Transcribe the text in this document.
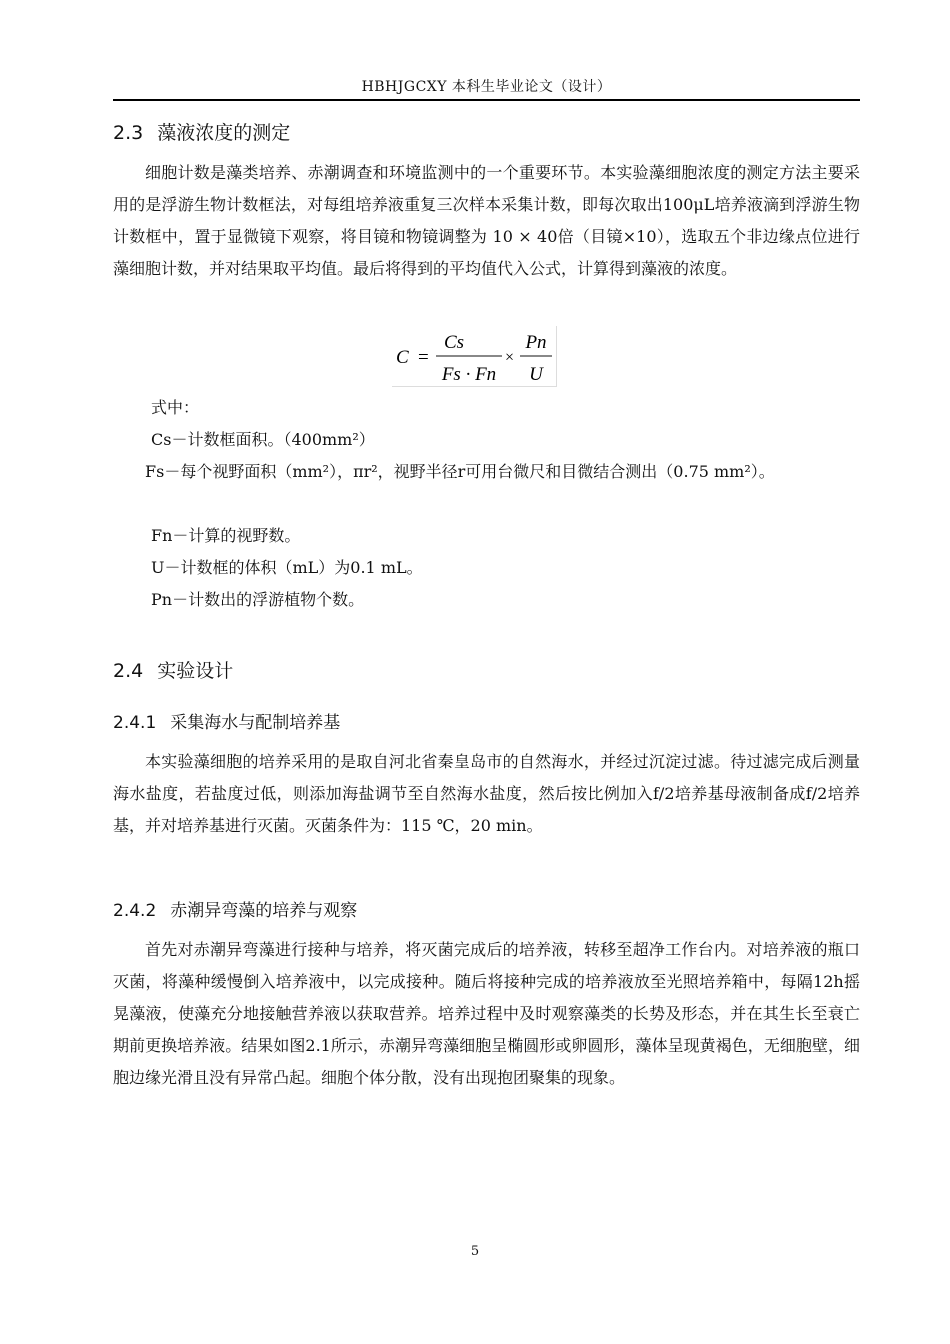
HBHJGCXY 本科生毕业论文（设计）
2.3 藻液浓度的测定
细胞计数是藻类培养、赤潮调查和环境监测中的一个重要环节。本实验藻细胞浓度的测定方法主要采用的是浮游生物计数框法，对每组培养液重复三次样本采集计数，即每次取出100μL培养液滴到浮游生物计数框中，置于显微镜下观察，将目镜和物镜调整为 10 × 40倍（目镜×10），选取五个非边缘点位进行藻细胞计数，并对结果取平均值。最后将得到的平均值代入公式，计算得到藻液的浓度。
C =
Cs
Fs · Fn
×
Pn
U
式中：
Cs－计数框面积。（400mm²）
Fs－每个视野面积（mm²），πr²，视野半径r可用台微尺和目微结合测出（0.75 mm²）。
Fn－计算的视野数。
U－计数框的体积（mL）为0.1 mL。
Pn－计数出的浮游植物个数。
2.4 实验设计
2.4.1 采集海水与配制培养基
本实验藻细胞的培养采用的是取自河北省秦皇岛市的自然海水，并经过沉淀过滤。待过滤完成后测量海水盐度，若盐度过低，则添加海盐调节至自然海水盐度，然后按比例加入f/2培养基母液制备成f/2培养基，并对培养基进行灭菌。灭菌条件为：115 ℃，20 min。
2.4.2 赤潮异弯藻的培养与观察
首先对赤潮异弯藻进行接种与培养，将灭菌完成后的培养液，转移至超净工作台内。对培养液的瓶口灭菌，将藻种缓慢倒入培养液中，以完成接种。随后将接种完成的培养液放至光照培养箱中，每隔12h摇晃藻液，使藻充分地接触营养液以获取营养。培养过程中及时观察藻类的长势及形态，并在其生长至衰亡期前更换培养液。结果如图2.1所示，赤潮异弯藻细胞呈椭圆形或卵圆形，藻体呈现黄褐色，无细胞壁，细胞边缘光滑且没有异常凸起。细胞个体分散，没有出现抱团聚集的现象。
5
